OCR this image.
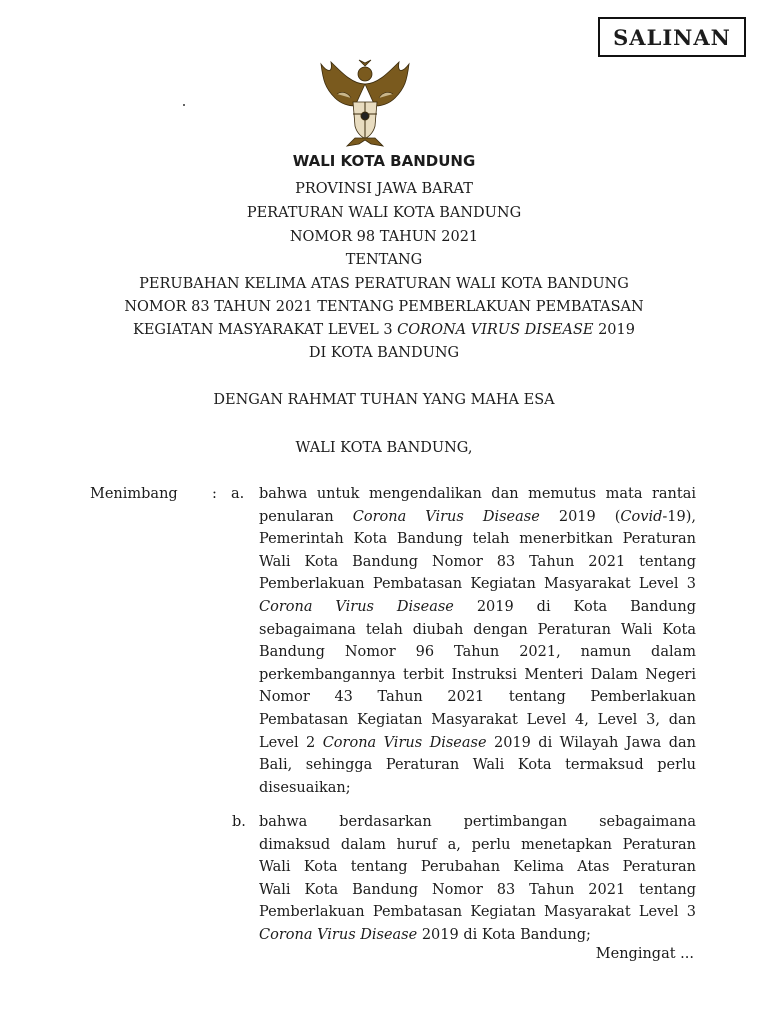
SALINAN
WALI KOTA BANDUNG
PROVINSI JAWA BARAT
PERATURAN WALI KOTA BANDUNG
NOMOR 98 TAHUN 2021
TENTANG
PERUBAHAN KELIMA ATAS PERATURAN WALI KOTA BANDUNG
NOMOR 83 TAHUN 2021 TENTANG PEMBERLAKUAN PEMBATASAN
KEGIATAN MASYARAKAT LEVEL 3 CORONA VIRUS DISEASE 2019
DI KOTA BANDUNG
DENGAN RAHMAT TUHAN YANG MAHA ESA
WALI KOTA BANDUNG,
Menimbang : a. bahwa untuk mengendalikan dan memutus mata rantai
penularan Corona Virus Disease 2019 (Covid-19),
Pemerintah Kota Bandung telah menerbitkan Peraturan
Wali Kota Bandung Nomor 83 Tahun 2021 tentang
Pemberlakuan Pembatasan Kegiatan Masyarakat Level 3
Corona Virus Disease 2019 di Kota Bandung
sebagaimana telah diubah dengan Peraturan Wali Kota
Bandung Nomor 96 Tahun 2021, namun dalam
perkembangannya terbit Instruksi Menteri Dalam Negeri
Nomor 43 Tahun 2021 tentang Pemberlakuan
Pembatasan Kegiatan Masyarakat Level 4, Level 3, dan
Level 2 Corona Virus Disease 2019 di Wilayah Jawa dan
Bali, sehingga Peraturan Wali Kota termaksud perlu
disesuaikan;
b. bahwa berdasarkan pertimbangan sebagaimana
dimaksud dalam huruf a, perlu menetapkan Peraturan
Wali Kota tentang Perubahan Kelima Atas Peraturan
Wali Kota Bandung Nomor 83 Tahun 2021 tentang
Pemberlakuan Pembatasan Kegiatan Masyarakat Level 3
Corona Virus Disease 2019 di Kota Bandung;
Mengingat ...
